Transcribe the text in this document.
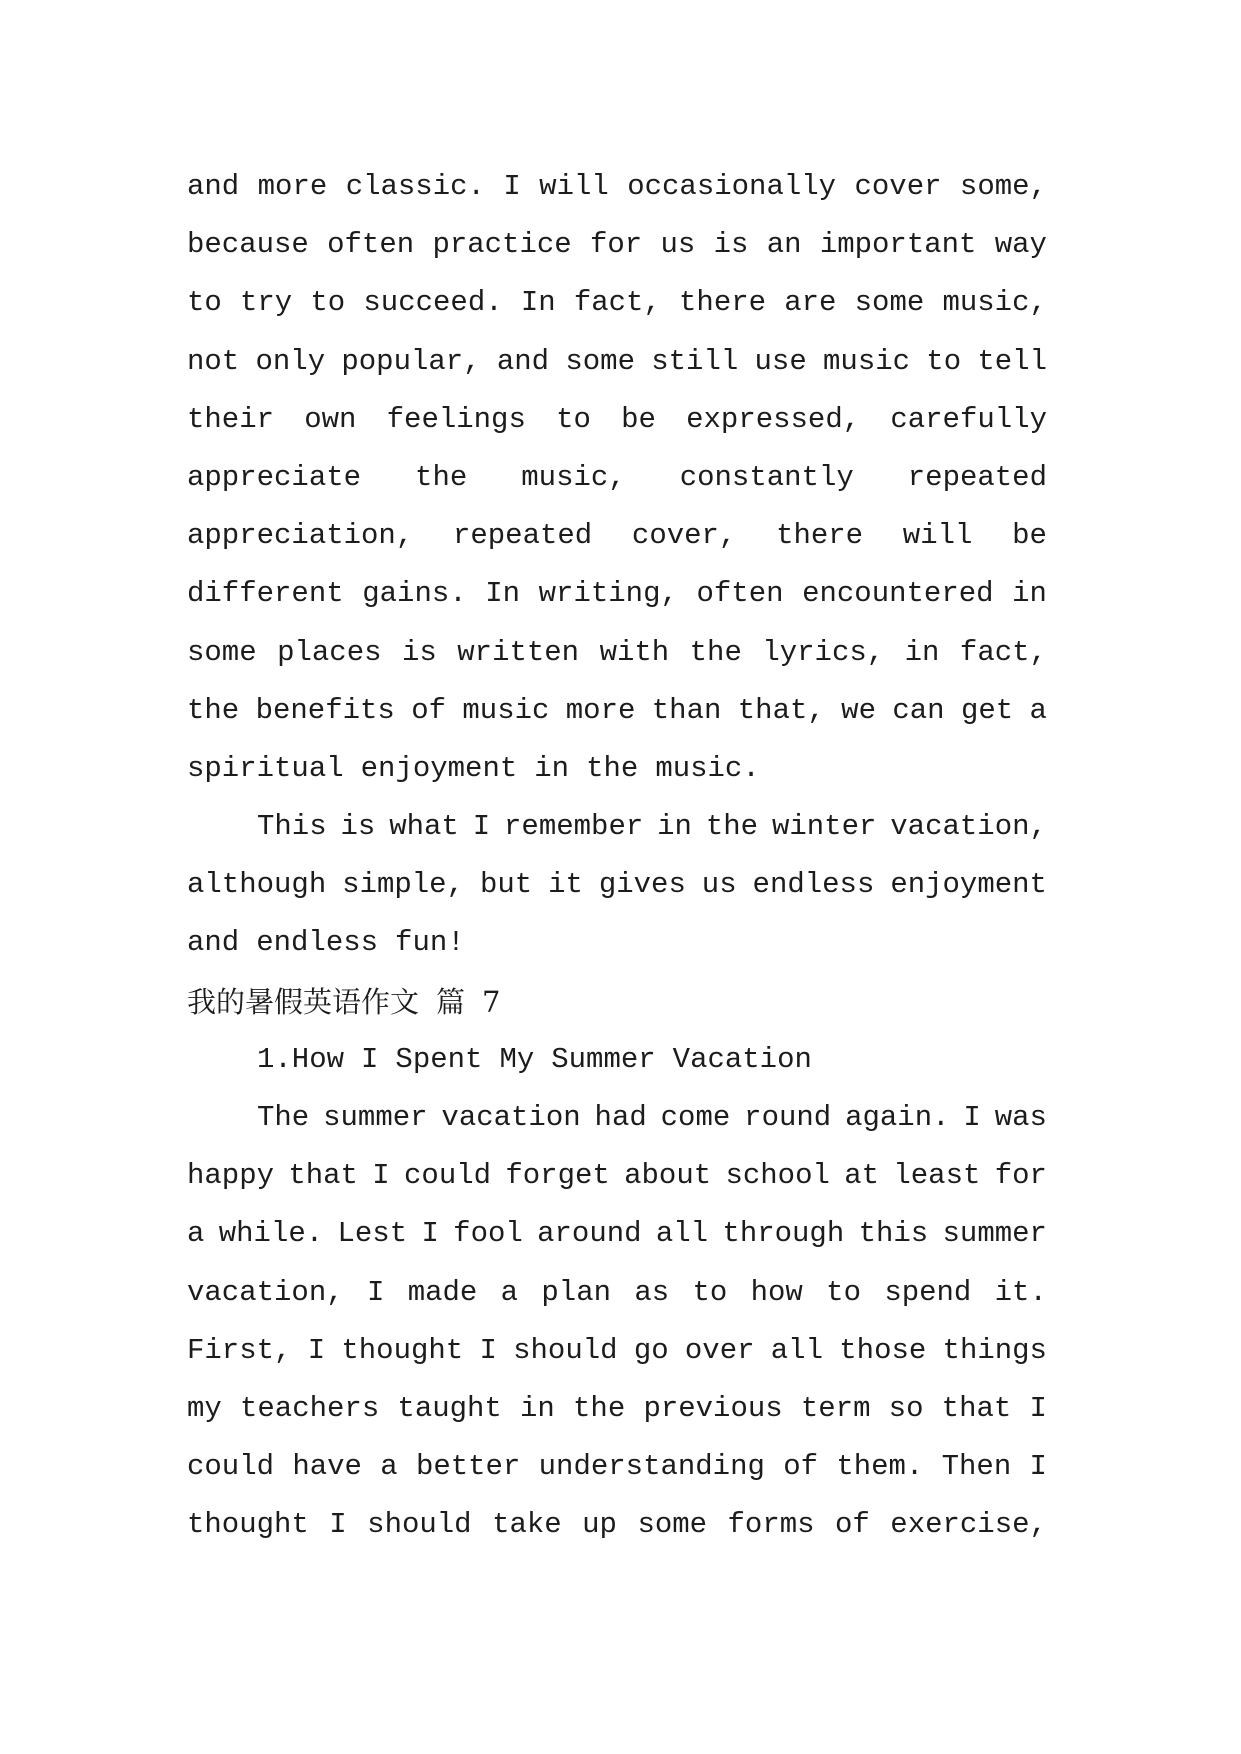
and more classic. I will occasionally cover some,
because often practice for us is an important way
to try to succeed. In fact, there are some music,
not only popular, and some still use music to tell
their own feelings to be expressed, carefully
appreciate the music, constantly repeated
appreciation, repeated cover, there will be
different gains. In writing, often encountered in
some places is written with the lyrics, in fact,
the benefits of music more than that, we can get a
spiritual enjoyment in the music.
This is what I remember in the winter vacation,
although simple, but it gives us endless enjoyment
and endless fun!
我的暑假英语作文 篇 7
1.How I Spent My Summer Vacation
The summer vacation had come round again. I was
happy that I could forget about school at least for
a while. Lest I fool around all through this summer
vacation, I made a plan as to how to spend it.
First, I thought I should go over all those things
my teachers taught in the previous term so that I
could have a better understanding of them. Then I
thought I should take up some forms of exercise,
